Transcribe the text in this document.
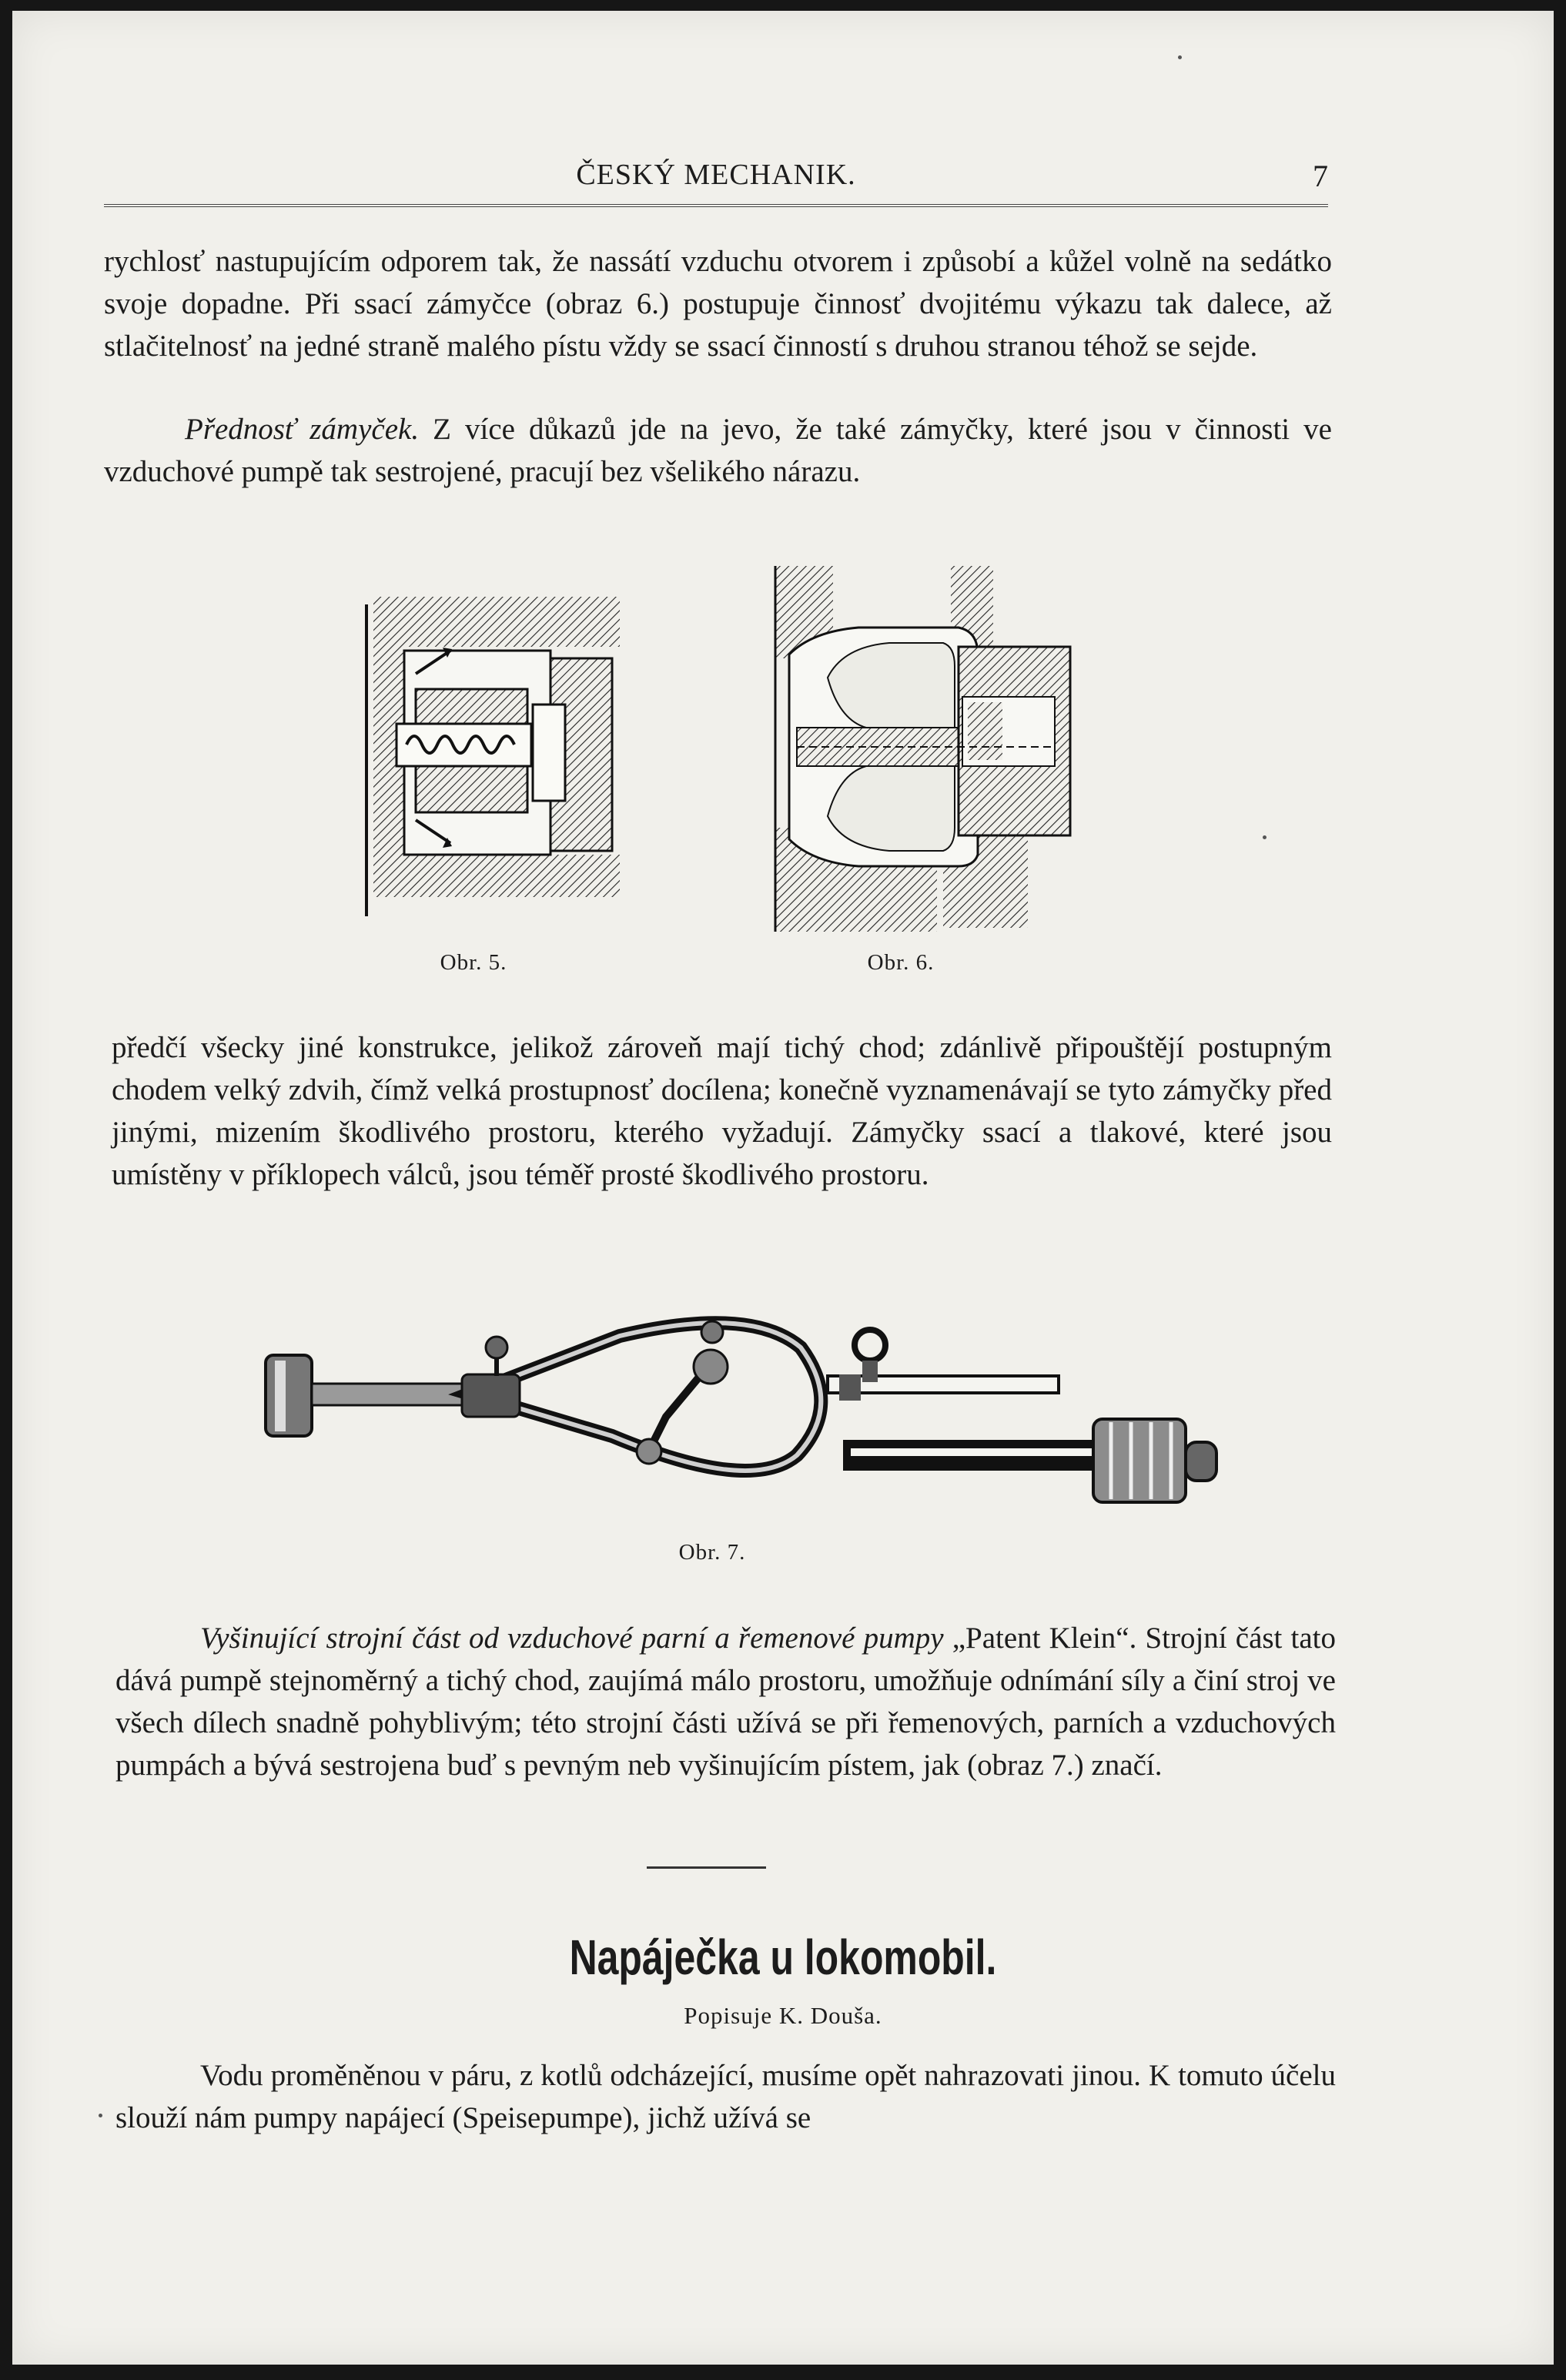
ČESKÝ MECHANIK.	7

rychlosť nastupujícím odporem tak, že nassátí vzduchu otvorem i způsobí a kůžel volně na sedátko svoje dopadne. Při ssací zámyčce (obraz 6.) postupuje činnosť dvojitému výkazu tak dalece, až stlačitelnosť na jedné straně malého pístu vždy se ssací činností s druhou stranou téhož se sejde.

Přednosť zámyček. Z více důkazů jde na jevo, že také zámyčky, které jsou v činnosti ve vzduchové pumpě tak sestrojené, pracují bez všelikého nárazu.

Obr. 5.	Obr. 6.

předčí všecky jiné konstrukce, jelikož zároveň mají tichý chod; zdánlivě připouštějí postupným chodem velký zdvih, čímž velká prostupnosť docílena; konečně vyznamenávají se tyto zámyčky před jinými, mizením škodlivého prostoru, kterého vyžadují. Zámyčky ssací a tlakové, které jsou umístěny v příklopech válců, jsou téměř prosté škodlivého prostoru.

Obr. 7.

Vyšinující strojní část od vzduchové parní a řemenové pumpy „Patent Klein“. Strojní část tato dává pumpě stejnoměrný a tichý chod, zaujímá málo prostoru, umožňuje odnímání síly a činí stroj ve všech dílech snadně pohyblivým; této strojní části užívá se při řemenových, parních a vzduchových pumpách a bývá sestrojena buď s pevným neb vyšinujícím pístem, jak (obraz 7.) značí.

Napáječka u lokomobil.
Popisuje K. Douša.

Vodu proměněnou v páru, z kotlů odcházející, musíme opět nahrazovati jinou. K tomuto účelu slouží nám pumpy napájecí (Speisepumpe), jichž užívá se
